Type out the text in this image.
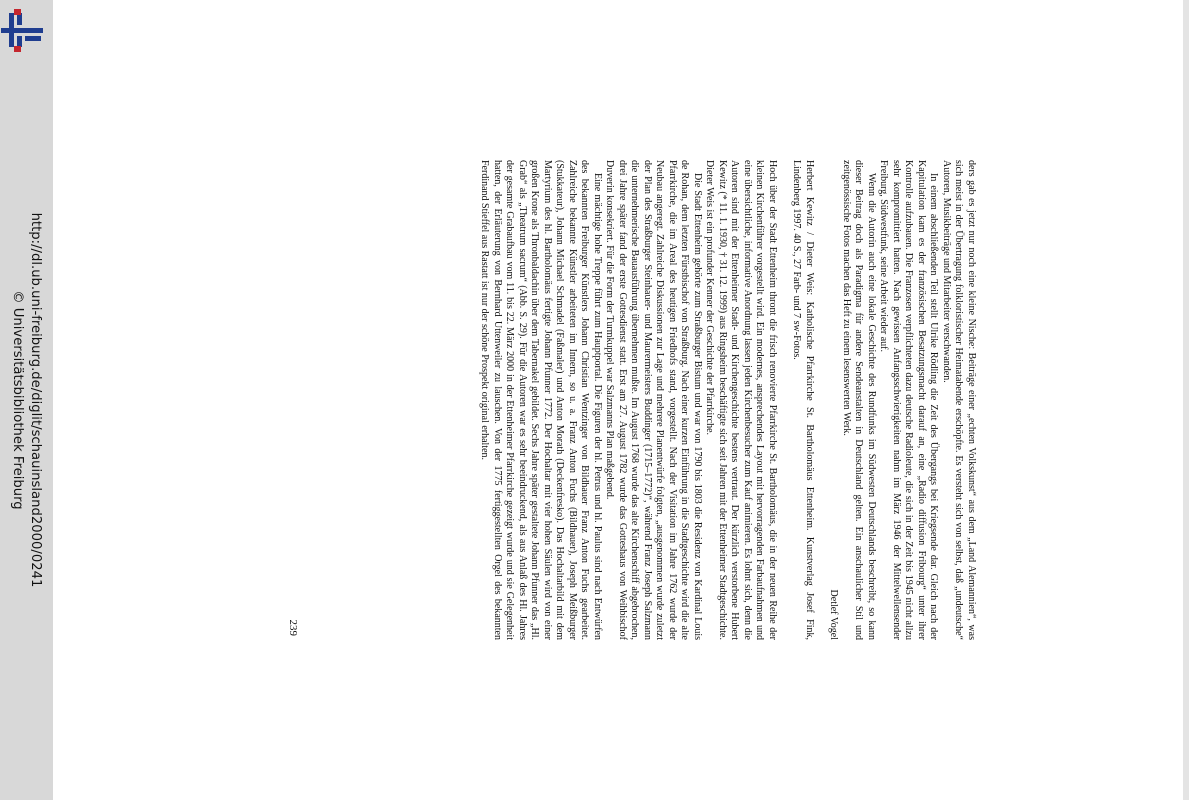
http://dl.ub.uni-freiburg.de/diglit/schauinsland2000/0241
© Universitätsbibliothek Freiburg	ders gab es jetzt nur noch eine kleine Nische: Beiträge einer „echten Volkskunst“ aus dem „Land Alemannien“, was sich meist in der Übertragung folkloristischer Heimatabende erschöpfte. Es versteht sich von selbst, daß „undeutsche“ Autoren, Musikbeiträge und Mitarbeiter verschwanden.

In einem abschließenden Teil stellt Ulrike Rödling die Zeit des Übergangs bei Kriegsende dar. Gleich nach der Kapitulation kam es der französischen Besatzungsmacht darauf an, eine „Radio diffusion Fribourg“ unter ihrer Kontrolle aufzubauen. Die Franzosen verpflichteten dazu deutsche Radioleute, die sich in der Zeit bis 1945 nicht allzu sehr kompromittiert hatten. Nach gewissen Anfangsschwierigkeiten nahm im März 1946 der Mittelwellensender Freiburg, Südwestfunk, seine Arbeit wieder auf.

Wenn die Autorin auch eine lokale Geschichte des Rundfunks im Südwesten Deutschlands beschreibt, so kann dieser Beitrag doch als Paradigma für andere Sendeanstalten in Deutschland gelten. Ein anschaulicher Stil und zeitgenössische Fotos machen das Heft zu einem lesenswerten Werk.

Detlef Vogel

Herbert Kewitz / Dieter Weis: Katholische Pfarrkirche St. Bartholomäus Ettenheim. Kunstverlag Josef Fink, Lindenberg 1997. 40 S., 27 Farb- und 7 sw-Fotos.

Hoch über der Stadt Ettenheim thront die frisch renovierte Pfarrkirche St. Bartholomäus, die in der neuen Reihe der kleinen Kirchenführer vorgestellt wird. Ein modernes, ansprechendes Layout mit hervorragenden Farbaufnahmen und eine übersichtliche, informative Anordnung lassen jeden Kirchenbesucher zum Kauf animieren. Es lohnt sich, denn die Autoren sind mit der Ettenheimer Stadt- und Kirchengeschichte bestens vertraut. Der kürzlich verstorbene Hubert Kewitz (* 11. 1. 1930, † 31. 12. 1999) aus Ringsheim beschäftigte sich seit Jahren mit der Ettenheimer Stadtgeschichte. Dieter Weis ist ein profunder Kenner der Geschichte der Pfarrkirche.

Die Stadt Ettenheim gehörte zum Straßburger Bistum und war von 1790 bis 1803 die Residenz von Kardinal Louis de Rohan, dem letzten Fürstbischof von Straßburg. Nach einer kurzen Einführung in die Stadtgeschichte wird die alte Pfarrkirche, die im Areal des heutigen Friedhofs stand, vorgestellt. Nach der Visitation im Jahre 1762 wurde der Neubau angeregt. Zahlreiche Diskussionen zur Lage und mehrere Planentwürfe folgten, „ausgenommen wurde zuletzt der Plan des Straßburger Steinhauer- und Maurermeisters Buddinger (1715–1772)“, während Franz Joseph Salzmann die unternehmerische Bauausführung übernehmen mußte. Im August 1768 wurde das alte Kirchenschiff abgebrochen, drei Jahre später fand der erste Gottesdienst statt. Erst am 27. August 1782 wurde das Gotteshaus von Weihbischof Duverin konsekriert. Für die Form der Turmkuppel war Salzmanns Plan maßgebend.

Eine mächtige hohe Treppe führt zum Hauptportal. Die Figuren der hl. Petrus und hl. Paulus sind nach Entwürfen des bekannten Freiburger Künstlers Johann Christian Wentzinger von Bildhauer Franz Anton Fuchs gearbeitet. Zahlreiche bekannte Künstler arbeiteten im Innern, so u. a. Franz Anton Fuchs (Bildhauer), Joseph Meißburger (Stukkateur), Johann Michael Schmadel (Faßmaler) und Anton Morath (Deckenfresko). Das Hochaltarbild mit dem Martyrium des hl. Bartholomäus fertigte Johann Pfunner 1772. Der Hochaltar mit vier hohen Säulen wird von einer großen Krone als Thronbaldachin über dem Tabernakel gebildet. Sechs Jahre später gestaltete Johann Pfunner das „Hl. Grab“ als „Theatrum sacrum“ (Abb. S. 29). Für die Autoren war es sehr beeindruckend, als aus Anlaß des Hl. Jahres der gesamte Grabaufbau vom 11. bis 22. März 2000 in der Ettenheimer Pfarrkirche gezeigt wurde und sie Gelegenheit hatten, der Erläuterung von Bernhard Uttenweiler zu lauschen. Von der 1775 fertiggestellten Orgel des bekannten Ferdinand Stieffel aus Rastatt ist nur der schöne Prospekt original erhalten.

239
